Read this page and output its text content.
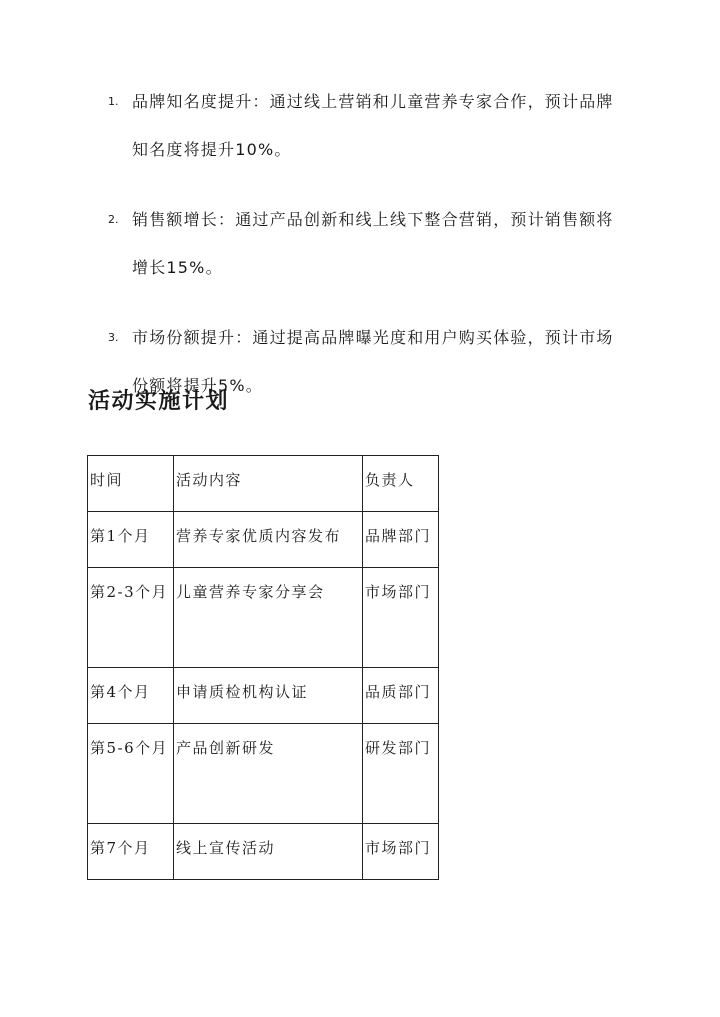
1. 品牌知名度提升：通过线上营销和儿童营养专家合作，预计品牌知名度将提升10%。
2. 销售额增长：通过产品创新和线上线下整合营销，预计销售额将增长15%。
3. 市场份额提升：通过提高品牌曝光度和用户购买体验，预计市场份额将提升5%。
活动实施计划
时间	活动内容	负责人
第1个月	营养专家优质内容发布	品牌部门
第2-3个月	儿童营养专家分享会	市场部门
第4个月	申请质检机构认证	品质部门
第5-6个月	产品创新研发	研发部门
第7个月	线上宣传活动	市场部门
